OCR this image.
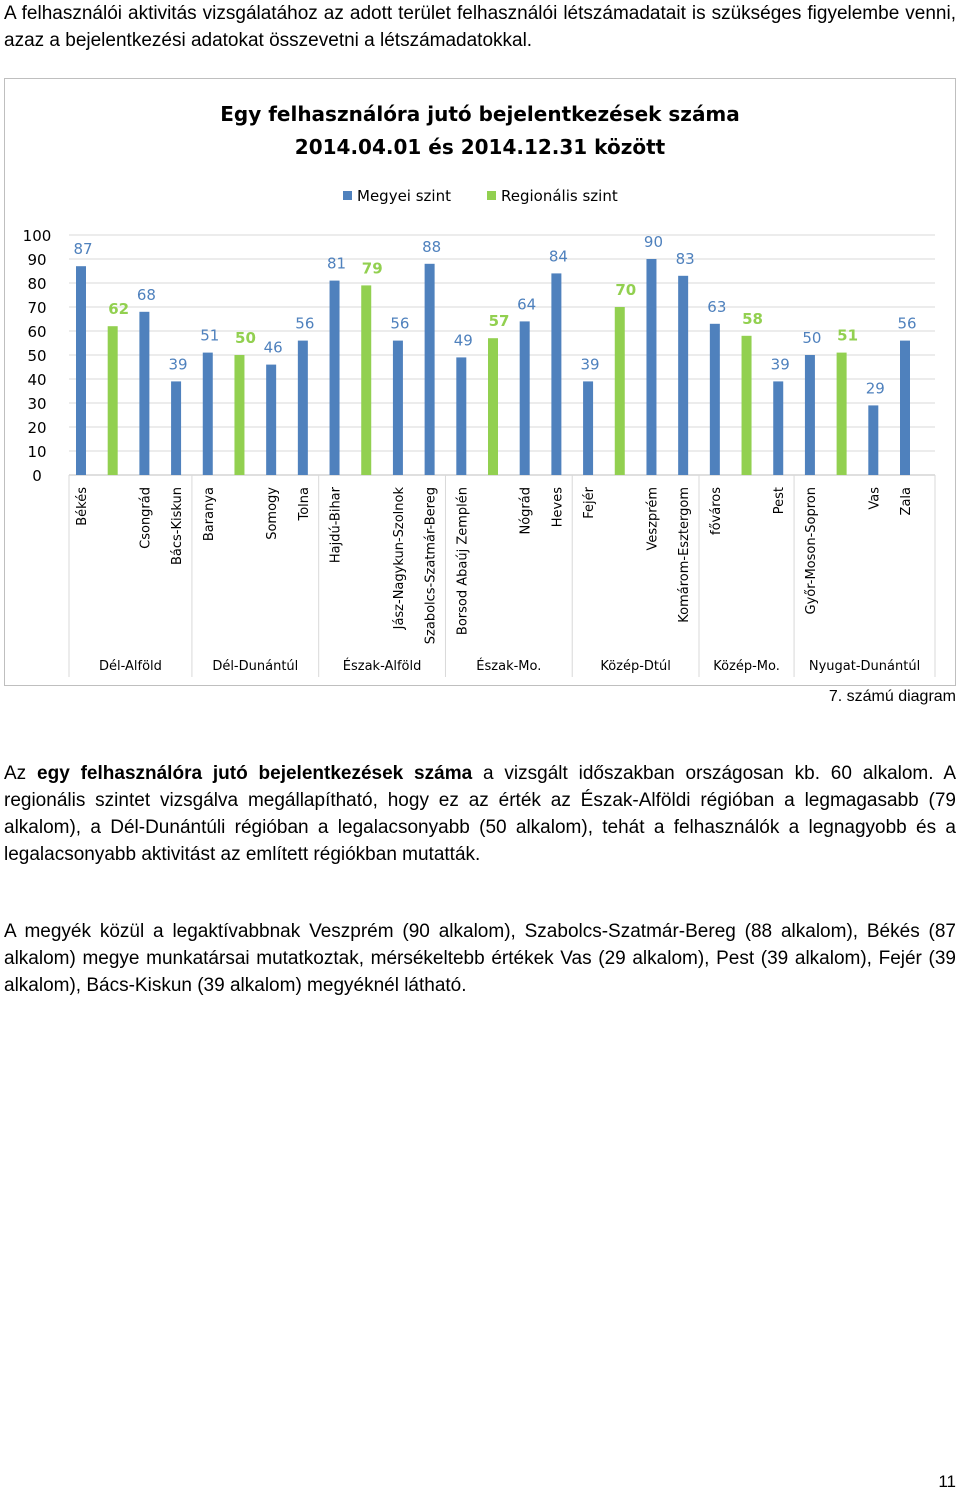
A felhasználói aktivitás vizsgálatához az adott terület felhasználói létszámadatait is szükséges figyelembe venni, azaz a bejelentkezési adatokat összevetni a létszámadatokkal.

Egy felhasználóra jutó bejelentkezések száma
2014.04.01 és 2014.12.31 között
Megyei szint	Regionális szint
0
10
20
30
40
50
60
70
80
90
100
87
Békés
62
68
Csongrád
39
Bács-Kiskun
51
Baranya
50
46
Somogy
56
Tolna
81
Hajdú-Bihar
79
56
Jász-Nagykun-Szolnok
88
Szabolcs-Szatmár-Bereg
49
Borsod Abaúj Zemplén
57
64
Nógrád
84
Heves
39
Fejér
70
90
Veszprém
83
Komárom-Esztergom
63
főváros
58
39
Pest
50
Győr-Moson-Sopron
51
29
Vas
56
Zala
Dél-Alföld	Dél-Dunántúl	Észak-Alföld	Észak-Mo.	Közép-Dtúl	Közép-Mo. Nyugat-Dunántúl
7. számú diagram

Az egy felhasználóra jutó bejelentkezések száma a vizsgált időszakban országosan kb. 60 alkalom. A regionális szintet vizsgálva megállapítható, hogy ez az érték az Észak-Alföldi régióban a legmagasabb (79 alkalom), a Dél-Dunántúli régióban a legalacsonyabb (50 alkalom), tehát a felhasználók a legnagyobb és a legalacsonyabb aktivitást az említett régiókban mutatták.

A megyék közül a legaktívabbnak Veszprém (90 alkalom), Szabolcs-Szatmár-Bereg (88 alkalom), Békés (87 alkalom) megye munkatársai mutatkoztak, mérsékeltebb értékek Vas (29 alkalom), Pest (39 alkalom), Fejér (39 alkalom), Bács-Kiskun (39 alkalom) megyéknél látható.

11
